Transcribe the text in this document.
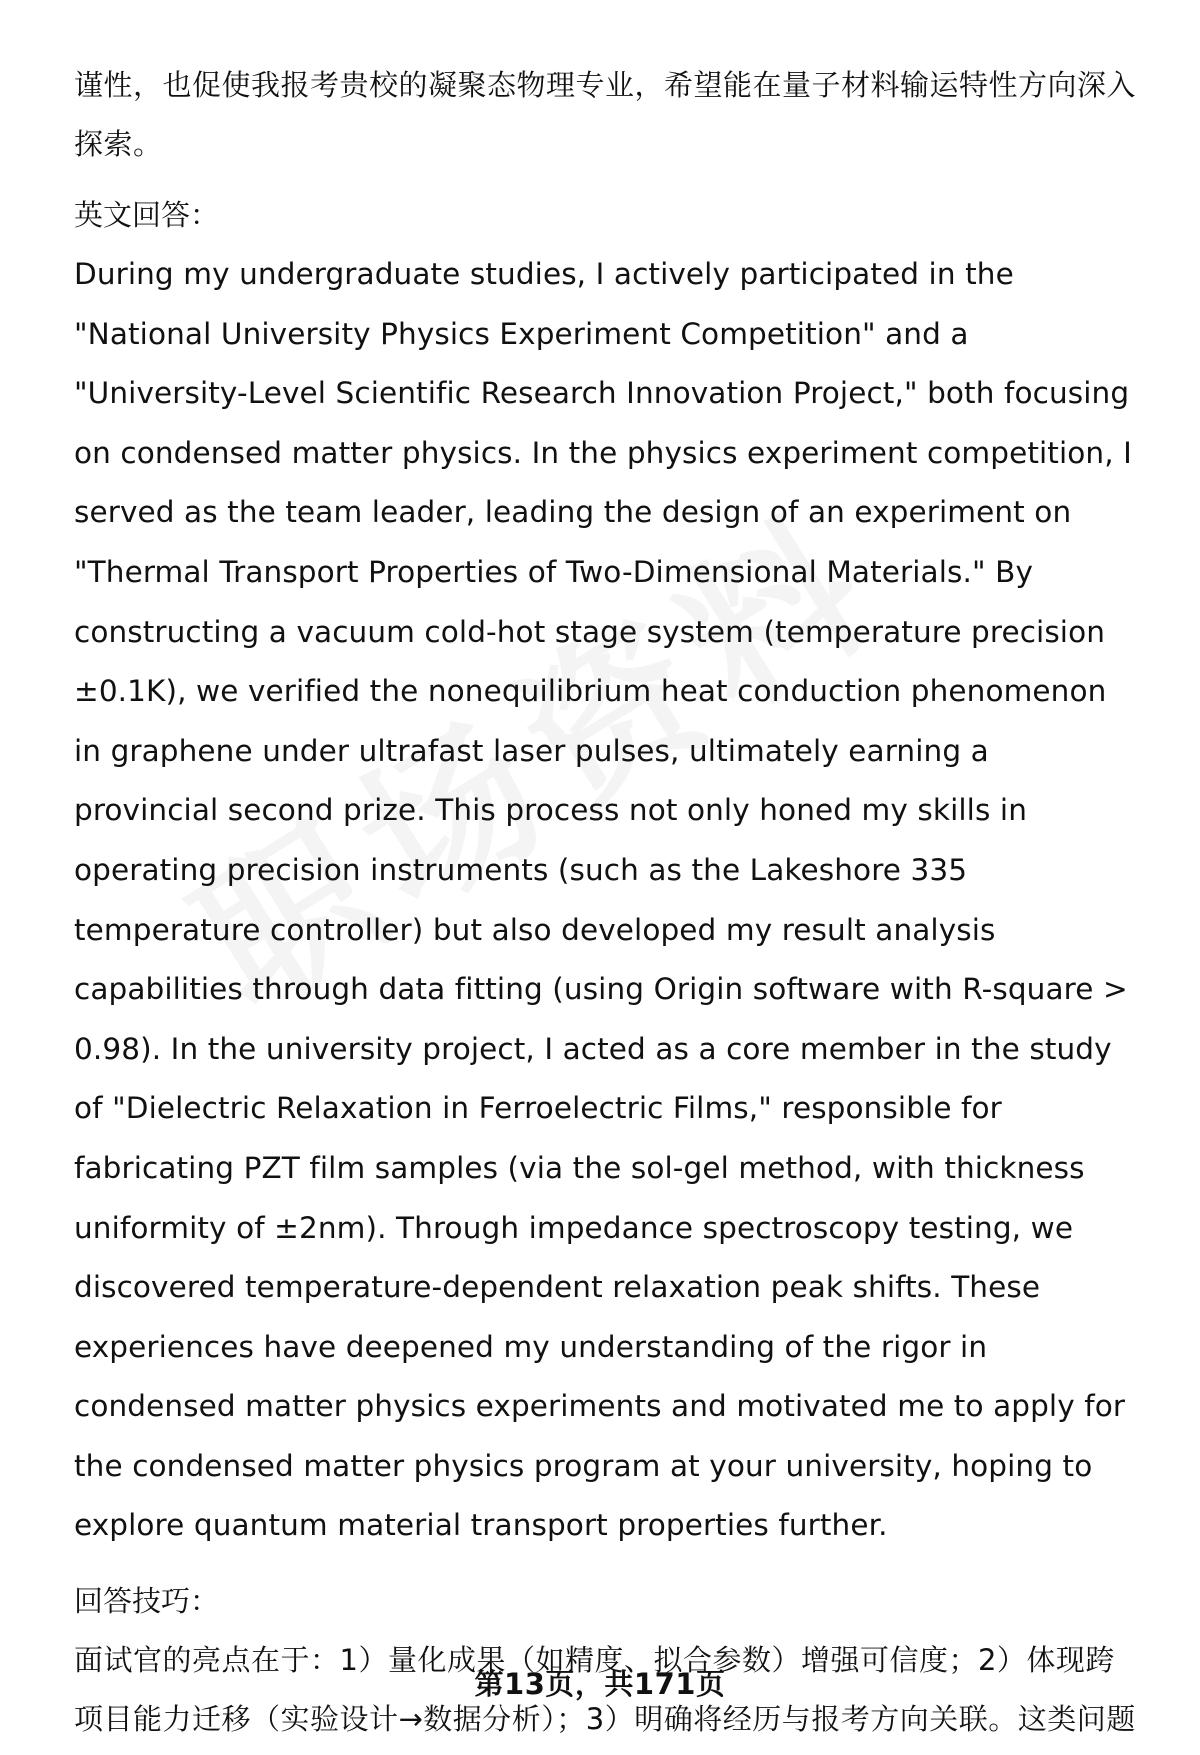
谨性，也促使我报考贵校的凝聚态物理专业，希望能在量子材料输运特性方向深入探索。

英文回答：

During my undergraduate studies, I actively participated in the "National University Physics Experiment Competition" and a "University-Level Scientific Research Innovation Project," both focusing on condensed matter physics. In the physics experiment competition, I served as the team leader, leading the design of an experiment on "Thermal Transport Properties of Two-Dimensional Materials." By constructing a vacuum cold-hot stage system (temperature precision ±0.1K), we verified the nonequilibrium heat conduction phenomenon in graphene under ultrafast laser pulses, ultimately earning a provincial second prize. This process not only honed my skills in operating precision instruments (such as the Lakeshore 335 temperature controller) but also developed my result analysis capabilities through data fitting (using Origin software with R-square > 0.98). In the university project, I acted as a core member in the study of "Dielectric Relaxation in Ferroelectric Films," responsible for fabricating PZT film samples (via the sol-gel method, with thickness uniformity of ±2nm). Through impedance spectroscopy testing, we discovered temperature-dependent relaxation peak shifts. These experiences have deepened my understanding of the rigor in condensed matter physics experiments and motivated me to apply for the condensed matter physics program at your university, hoping to explore quantum material transport properties further.

回答技巧：

面试官的亮点在于：1）量化成果（如精度、拟合参数）增强可信度；2）体现跨项目能力迁移（实验设计→数据分析）；3）明确将经历与报考方向关联。这类问题

第13页，共171页
